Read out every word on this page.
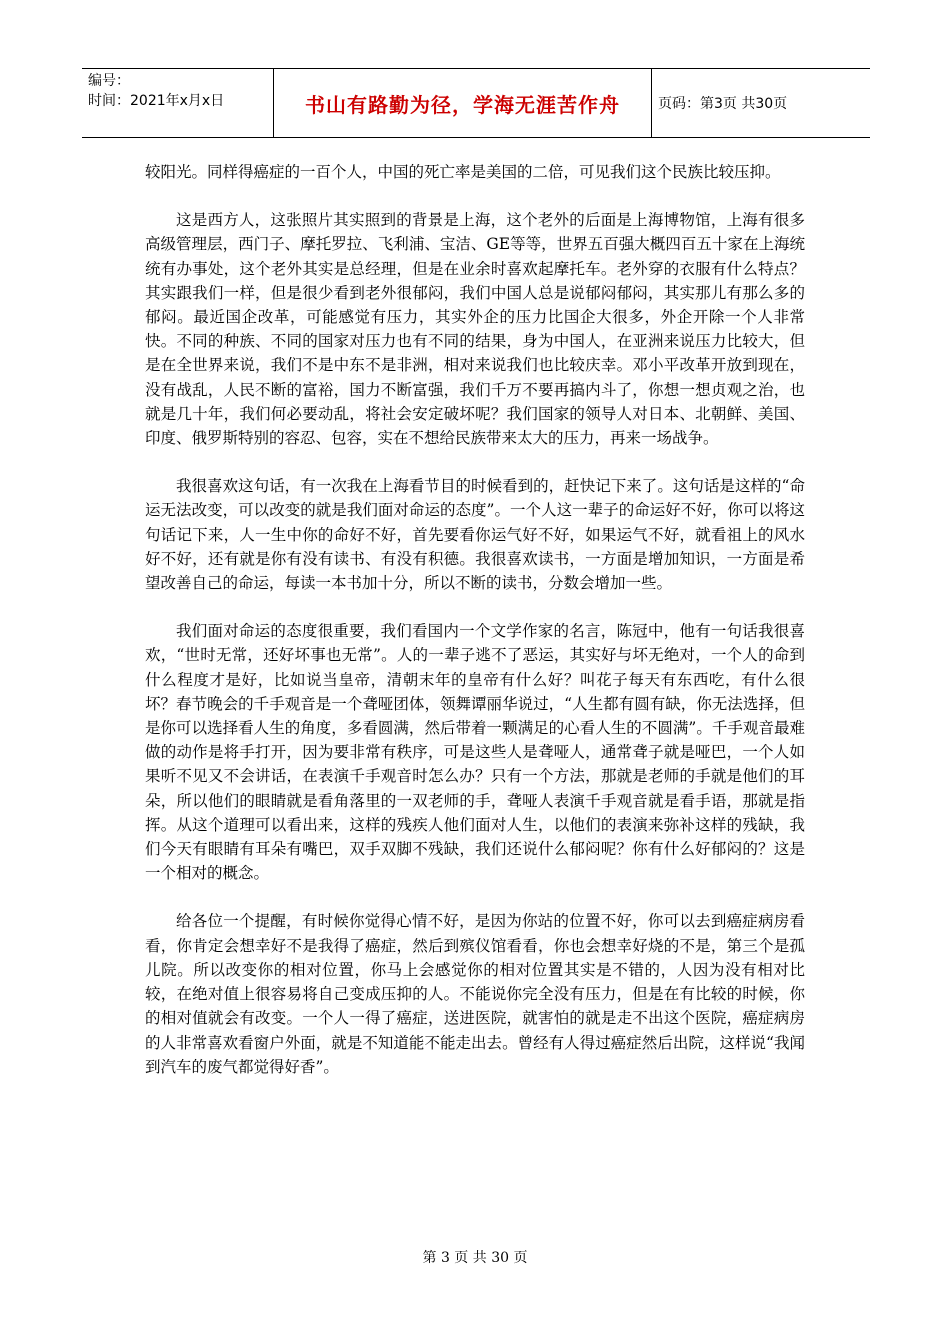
编号：
时间：2021年x月x日	书山有路勤为径，学海无涯苦作舟	页码：第3页 共30页

较阳光。同样得癌症的一百个人，中国的死亡率是美国的二倍，可见我们这个民族比较压抑。

这是西方人，这张照片其实照到的背景是上海，这个老外的后面是上海博物馆，上海有很多高级管理层，西门子、摩托罗拉、飞利浦、宝洁、GE等等，世界五百强大概四百五十家在上海统统有办事处，这个老外其实是总经理，但是在业余时喜欢起摩托车。老外穿的衣服有什么特点？其实跟我们一样，但是很少看到老外很郁闷，我们中国人总是说郁闷郁闷，其实那儿有那么多的郁闷。最近国企改革，可能感觉有压力，其实外企的压力比国企大很多，外企开除一个人非常快。不同的种族、不同的国家对压力也有不同的结果，身为中国人，在亚洲来说压力比较大，但是在全世界来说，我们不是中东不是非洲，相对来说我们也比较庆幸。邓小平改革开放到现在，没有战乱，人民不断的富裕，国力不断富强，我们千万不要再搞内斗了，你想一想贞观之治，也就是几十年，我们何必要动乱，将社会安定破坏呢？我们国家的领导人对日本、北朝鲜、美国、印度、俄罗斯特别的容忍、包容，实在不想给民族带来太大的压力，再来一场战争。

我很喜欢这句话，有一次我在上海看节目的时候看到的，赶快记下来了。这句话是这样的“命运无法改变，可以改变的就是我们面对命运的态度”。一个人这一辈子的命运好不好，你可以将这句话记下来，人一生中你的命好不好，首先要看你运气好不好，如果运气不好，就看祖上的风水好不好，还有就是你有没有读书、有没有积德。我很喜欢读书，一方面是增加知识，一方面是希望改善自己的命运，每读一本书加十分，所以不断的读书，分数会增加一些。

我们面对命运的态度很重要，我们看国内一个文学作家的名言，陈冠中，他有一句话我很喜欢，“世时无常，还好坏事也无常”。人的一辈子逃不了恶运，其实好与坏无绝对，一个人的命到什么程度才是好，比如说当皇帝，清朝末年的皇帝有什么好？叫花子每天有东西吃，有什么很坏？春节晚会的千手观音是一个聋哑团体，领舞谭丽华说过，“人生都有圆有缺，你无法选择，但是你可以选择看人生的角度，多看圆满，然后带着一颗满足的心看人生的不圆满”。千手观音最难做的动作是将手打开，因为要非常有秩序，可是这些人是聋哑人，通常聋子就是哑巴，一个人如果听不见又不会讲话，在表演千手观音时怎么办？只有一个方法，那就是老师的手就是他们的耳朵，所以他们的眼睛就是看角落里的一双老师的手，聋哑人表演千手观音就是看手语，那就是指挥。从这个道理可以看出来，这样的残疾人他们面对人生，以他们的表演来弥补这样的残缺，我们今天有眼睛有耳朵有嘴巴，双手双脚不残缺，我们还说什么郁闷呢？你有什么好郁闷的？这是一个相对的概念。

给各位一个提醒，有时候你觉得心情不好，是因为你站的位置不好，你可以去到癌症病房看看，你肯定会想幸好不是我得了癌症，然后到殡仪馆看看，你也会想幸好烧的不是，第三个是孤儿院。所以改变你的相对位置，你马上会感觉你的相对位置其实是不错的，人因为没有相对比较，在绝对值上很容易将自己变成压抑的人。不能说你完全没有压力，但是在有比较的时候，你的相对值就会有改变。一个人一得了癌症，送进医院，就害怕的就是走不出这个医院，癌症病房的人非常喜欢看窗户外面，就是不知道能不能走出去。曾经有人得过癌症然后出院，这样说“我闻到汽车的废气都觉得好香”。

第 3 页 共 30 页
